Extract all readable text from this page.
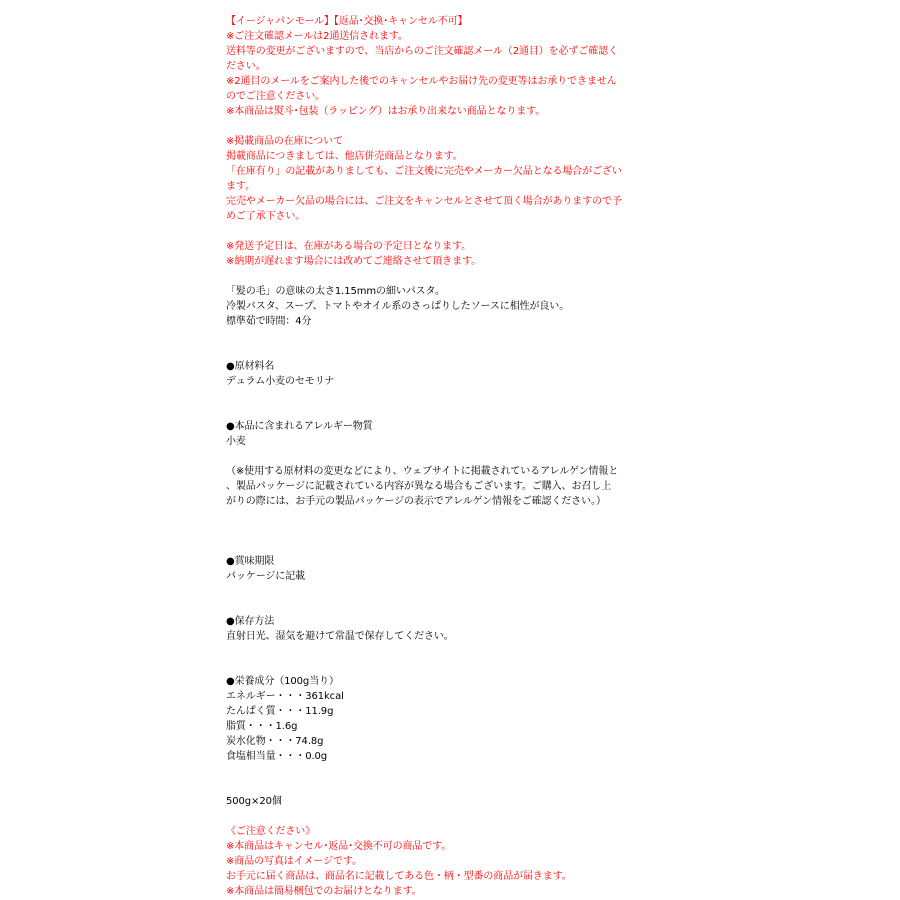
【イージャパンモール】【返品･交換･キャンセル不可】
※ご注文確認メールは2通送信されます。
送料等の変更がございますので、当店からのご注文確認メール（2通目）を必ずご確認く
ださい。
※2通目のメールをご案内した後でのキャンセルやお届け先の変更等はお承りできません
のでご注意ください。
※本商品は熨斗･包装（ラッピング）はお承り出来ない商品となります。
※掲載商品の在庫について
掲載商品につきましては、他店併売商品となります。
「在庫有り」の記載がありましても、ご注文後に完売やメーカー欠品となる場合がござい
ます。
完売やメーカー欠品の場合には、ご注文をキャンセルとさせて頂く場合がありますので予
めご了承下さい。
※発送予定日は、在庫がある場合の予定日となります。
※納期が遅れます場合には改めてご連絡させて頂きます。
「髪の毛」の意味の太さ1.15mmの細いパスタ。
冷製パスタ、スープ、トマトやオイル系のさっぱりしたソースに相性が良い。
標準茹で時間：4分
●原材料名
デュラム小麦のセモリナ
●本品に含まれるアレルギー物質
小麦
（※使用する原材料の変更などにより、ウェブサイトに掲載されているアレルゲン情報と
、製品パッケージに記載されている内容が異なる場合もございます。ご購入、お召し上
がりの際には、お手元の製品パッケージの表示でアレルゲン情報をご確認ください。）
●賞味期限
パッケージに記載
●保存方法
直射日光、湿気を避けて常温で保存してください。
●栄養成分（100g当り）
エネルギー・・・361kcal
たんぱく質・・・11.9g
脂質・・・1.6g
炭水化物・・・74.8g
食塩相当量・・・0.0g
500g×20個
《ご注意ください》
※本商品はキャンセル･返品･交換不可の商品です。
※商品の写真はイメージです。
お手元に届く商品は、商品名に記載してある色・柄・型番の商品が届きます。
※本商品は簡易梱包でのお届けとなります。
